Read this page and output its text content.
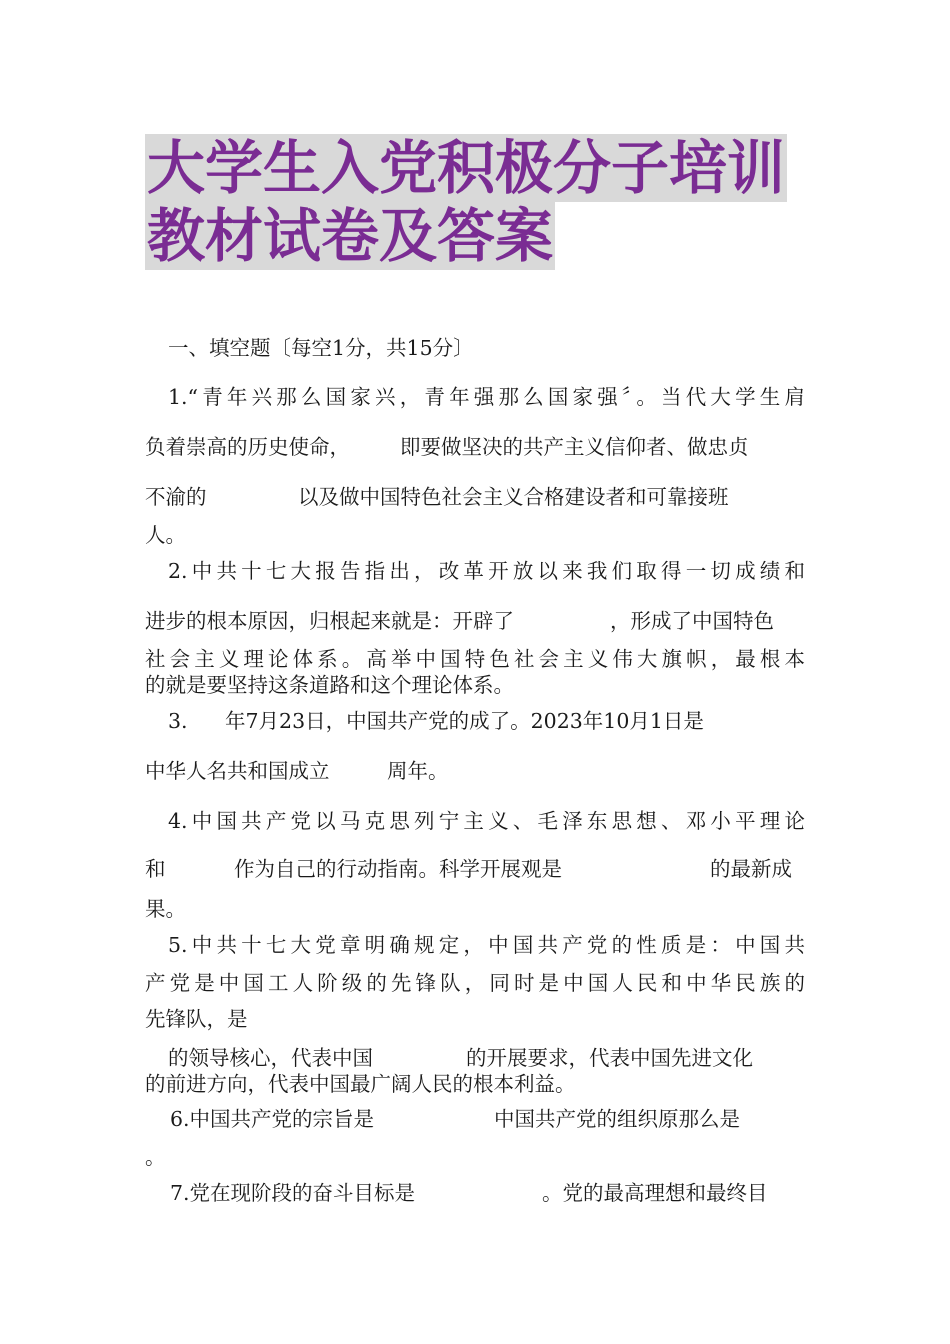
大学生入党积极分子培训
教材试卷及答案
一、填空题〔每空1分，共15分〕
1.“青年兴那么国家兴，青年强那么国家强〞。当代大学生肩
负着崇高的历史使命， 即要做坚决的共产主义信仰者、做忠贞
不渝的	以及做中国特色社会主义合格建设者和可靠接班
人。
2.中共十七大报告指出，改革开放以来我们取得一切成绩和
进步的根本原因，归根起来就是：开辟了	，形成了中国特色
社会主义理论体系。高举中国特色社会主义伟大旗帜，最根本
的就是要坚持这条道路和这个理论体系。
3. 年7月23日，中国共产党的成了。2023年10月1日是
中华人名共和国成立	周年。
4.中国共产党以马克思列宁主义、毛泽东思想、邓小平理论
和	作为自己的行动指南。科学开展观是	的最新成
果。
5.中共十七大党章明确规定，中国共产党的性质是：中国共
产党是中国工人阶级的先锋队，同时是中国人民和中华民族的
先锋队，是
的领导核心，代表中国	的开展要求，代表中国先进文化
的前进方向，代表中国最广阔人民的根本利益。
6.中国共产党的宗旨是	中国共产党的组织原那么是
。
7.党在现阶段的奋斗目标是	。党的最高理想和最终目
